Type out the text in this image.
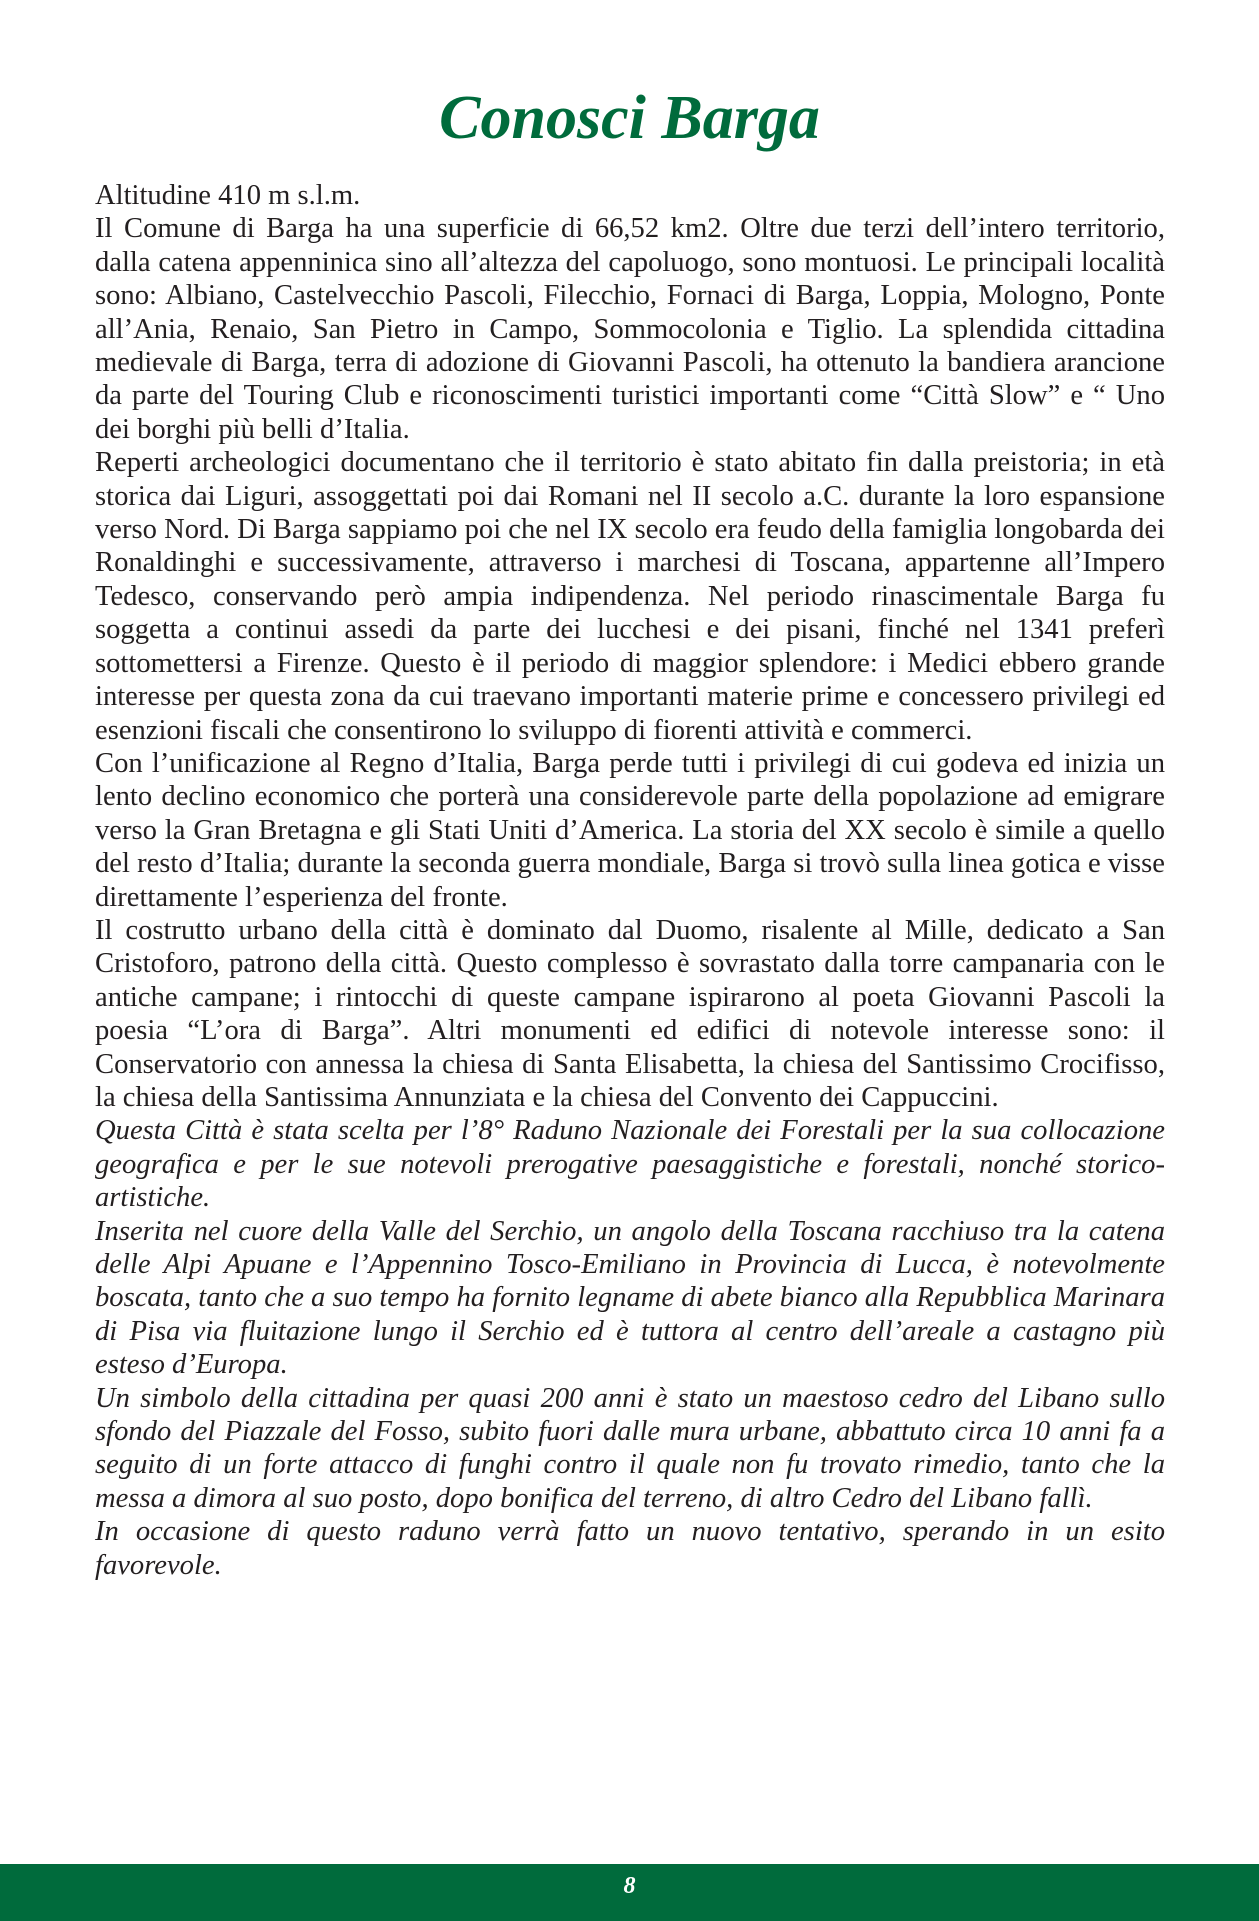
Conosci Barga

Altitudine 410 m s.l.m.

Il Comune di Barga ha una superficie di 66,52 km2. Oltre due terzi dell’intero territorio, dalla catena appenninica sino all’altezza del capoluogo, sono montuosi. Le principali località sono: Albiano, Castelvecchio Pascoli, Filecchio, Fornaci di Barga, Loppia, Mologno, Ponte all’Ania, Renaio, San Pietro in Campo, Sommocolonia e Tiglio. La splendida cittadina medievale di Barga, terra di adozione di Giovanni Pascoli, ha ottenuto la bandiera arancione da parte del Touring Club e riconoscimenti turistici importanti come “Città Slow” e “ Uno dei borghi più belli d’Italia.

Reperti archeologici documentano che il territorio è stato abitato fin dalla preistoria; in età storica dai Liguri, assoggettati poi dai Romani nel II secolo a.C. durante la loro espansione verso Nord. Di Barga sappiamo poi che nel IX secolo era feudo della famiglia longobarda dei Ronaldinghi e successivamente, attraverso i marchesi di Toscana, appartenne all’Impero Tedesco, conservando però ampia indipendenza. Nel periodo rinascimentale Barga fu soggetta a continui assedi da parte dei lucchesi e dei pisani, finché nel 1341 preferì sottomettersi a Firenze. Questo è il periodo di maggior splendore: i Medici ebbero grande interesse per questa zona da cui traevano importanti materie prime e concessero privilegi ed esenzioni fiscali che consentirono lo sviluppo di fiorenti attività e commerci.

Con l’unificazione al Regno d’Italia, Barga perde tutti i privilegi di cui godeva ed inizia un lento declino economico che porterà una considerevole parte della popolazione ad emigrare verso la Gran Bretagna e gli Stati Uniti d’America. La storia del XX secolo è simile a quello del resto d’Italia; durante la seconda guerra mondiale, Barga si trovò sulla linea gotica e visse direttamente l’esperienza del fronte.

Il costrutto urbano della città è dominato dal Duomo, risalente al Mille, dedicato a San Cristoforo, patrono della città. Questo complesso è sovrastato dalla torre campanaria con le antiche campane; i rintocchi di queste campane ispirarono al poeta Giovanni Pascoli la poesia “L’ora di Barga”. Altri monumenti ed edifici di notevole interesse sono: il Conservatorio con annessa la chiesa di Santa Elisabetta, la chiesa del Santissimo Crocifisso, la chiesa della Santissima Annunziata e la chiesa del Convento dei Cappuccini.

Questa Città è stata scelta per l’8° Raduno Nazionale dei Forestali per la sua collocazione geografica e per le sue notevoli prerogative paesaggistiche e forestali, nonché storico-artistiche.

Inserita nel cuore della Valle del Serchio, un angolo della Toscana racchiuso tra la catena delle Alpi Apuane e l’Appennino Tosco-Emiliano in Provincia di Lucca, è notevolmente boscata, tanto che a suo tempo ha fornito legname di abete bianco alla Repubblica Marinara di Pisa via fluitazione lungo il Serchio ed è tuttora al centro dell’areale a castagno più esteso d’Europa.

Un simbolo della cittadina per quasi 200 anni è stato un maestoso cedro del Libano sullo sfondo del Piazzale del Fosso, subito fuori dalle mura urbane, abbattuto circa 10 anni fa a seguito di un forte attacco di funghi contro il quale non fu trovato rimedio, tanto che la messa a dimora al suo posto, dopo bonifica del terreno, di altro Cedro del Libano fallì.

In occasione di questo raduno verrà fatto un nuovo tentativo, sperando in un esito favorevole.

8
